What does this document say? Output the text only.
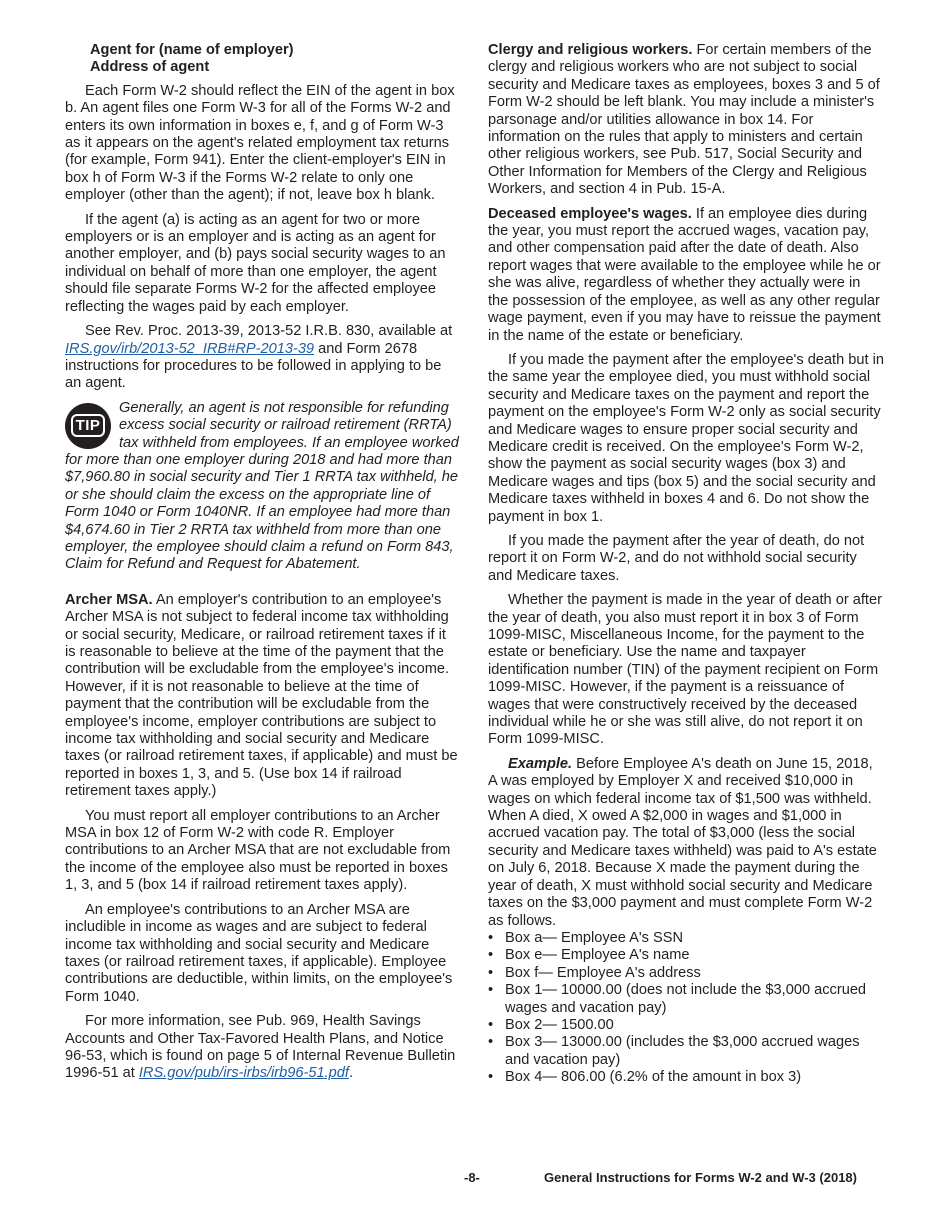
Agent for (name of employer)
Address of agent

Each Form W-2 should reflect the EIN of the agent in box b. An agent files one Form W-3 for all of the Forms W-2 and enters its own information in boxes e, f, and g of Form W-3 as it appears on the agent's related employment tax returns (for example, Form 941). Enter the client-employer's EIN in box h of Form W-3 if the Forms W-2 relate to only one employer (other than the agent); if not, leave box h blank.

If the agent (a) is acting as an agent for two or more employers or is an employer and is acting as an agent for another employer, and (b) pays social security wages to an individual on behalf of more than one employer, the agent should file separate Forms W-2 for the affected employee reflecting the wages paid by each employer.

See Rev. Proc. 2013-39, 2013-52 I.R.B. 830, available at IRS.gov/irb/2013-52_IRB#RP-2013-39 and Form 2678 instructions for procedures to be followed in applying to be an agent.

TIP
Generally, an agent is not responsible for refunding excess social security or railroad retirement (RRTA) tax withheld from employees. If an employee worked for more than one employer during 2018 and had more than $7,960.80 in social security and Tier 1 RRTA tax withheld, he or she should claim the excess on the appropriate line of Form 1040 or Form 1040NR. If an employee had more than $4,674.60 in Tier 2 RRTA tax withheld from more than one employer, the employee should claim a refund on Form 843, Claim for Refund and Request for Abatement.

Archer MSA. An employer's contribution to an employee's Archer MSA is not subject to federal income tax withholding or social security, Medicare, or railroad retirement taxes if it is reasonable to believe at the time of the payment that the contribution will be excludable from the employee's income. However, if it is not reasonable to believe at the time of payment that the contribution will be excludable from the employee's income, employer contributions are subject to income tax withholding and social security and Medicare taxes (or railroad retirement taxes, if applicable) and must be reported in boxes 1, 3, and 5. (Use box 14 if railroad retirement taxes apply.)

You must report all employer contributions to an Archer MSA in box 12 of Form W-2 with code R. Employer contributions to an Archer MSA that are not excludable from the income of the employee also must be reported in boxes 1, 3, and 5 (box 14 if railroad retirement taxes apply).

An employee's contributions to an Archer MSA are includible in income as wages and are subject to federal income tax withholding and social security and Medicare taxes (or railroad retirement taxes, if applicable). Employee contributions are deductible, within limits, on the employee's Form 1040.

For more information, see Pub. 969, Health Savings Accounts and Other Tax-Favored Health Plans, and Notice 96-53, which is found on page 5 of Internal Revenue Bulletin 1996-51 at IRS.gov/pub/irs-irbs/irb96-51.pdf.

Clergy and religious workers. For certain members of the clergy and religious workers who are not subject to social security and Medicare taxes as employees, boxes 3 and 5 of Form W-2 should be left blank. You may include a minister's parsonage and/or utilities allowance in box 14. For information on the rules that apply to ministers and certain other religious workers, see Pub. 517, Social Security and Other Information for Members of the Clergy and Religious Workers, and section 4 in Pub. 15-A.

Deceased employee's wages. If an employee dies during the year, you must report the accrued wages, vacation pay, and other compensation paid after the date of death. Also report wages that were available to the employee while he or she was alive, regardless of whether they actually were in the possession of the employee, as well as any other regular wage payment, even if you may have to reissue the payment in the name of the estate or beneficiary.

If you made the payment after the employee's death but in the same year the employee died, you must withhold social security and Medicare taxes on the payment and report the payment on the employee's Form W-2 only as social security and Medicare wages to ensure proper social security and Medicare credit is received. On the employee's Form W-2, show the payment as social security wages (box 3) and Medicare wages and tips (box 5) and the social security and Medicare taxes withheld in boxes 4 and 6. Do not show the payment in box 1.

If you made the payment after the year of death, do not report it on Form W-2, and do not withhold social security and Medicare taxes.

Whether the payment is made in the year of death or after the year of death, you also must report it in box 3 of Form 1099-MISC, Miscellaneous Income, for the payment to the estate or beneficiary. Use the name and taxpayer identification number (TIN) of the payment recipient on Form 1099-MISC. However, if the payment is a reissuance of wages that were constructively received by the deceased individual while he or she was still alive, do not report it on Form 1099-MISC.

Example. Before Employee A's death on June 15, 2018, A was employed by Employer X and received $10,000 in wages on which federal income tax of $1,500 was withheld. When A died, X owed A $2,000 in wages and $1,000 in accrued vacation pay. The total of $3,000 (less the social security and Medicare taxes withheld) was paid to A's estate on July 6, 2018. Because X made the payment during the year of death, X must withhold social security and Medicare taxes on the $3,000 payment and must complete Form W-2 as follows.

• Box a— Employee A's SSN
• Box e— Employee A's name
• Box f— Employee A's address
• Box 1— 10000.00 (does not include the $3,000 accrued wages and vacation pay)
• Box 2— 1500.00
• Box 3— 13000.00 (includes the $3,000 accrued wages and vacation pay)
• Box 4— 806.00 (6.2% of the amount in box 3)
-8-	General Instructions for Forms W-2 and W-3 (2018)
